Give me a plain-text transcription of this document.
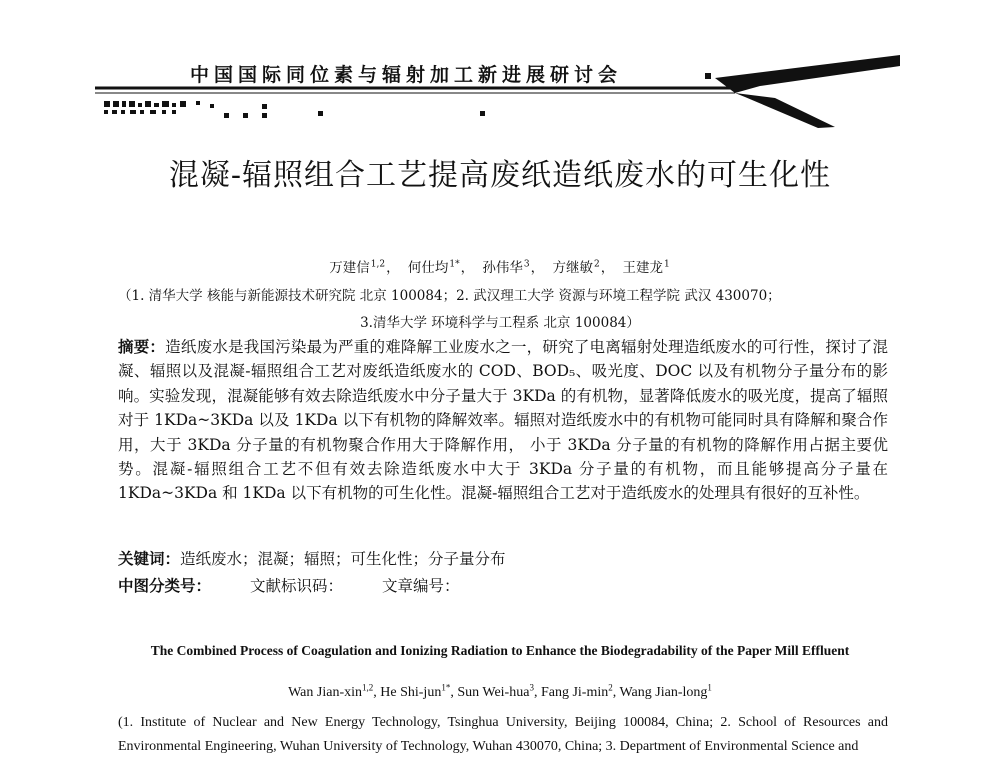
中国国际同位素与辐射加工新进展研讨会
混凝-辐照组合工艺提高废纸造纸废水的可生化性
万建信$^{1,2}$， 何仕均$^{1*}$， 孙伟华$^3$， 方继敏$^2$， 王建龙$^1$
（1. 清华大学 核能与新能源技术研究院 北京 100084；2. 武汉理工大学 资源与环境工程学院 武汉 430070；
3.清华大学 环境科学与工程系 北京 100084）
摘要：造纸废水是我国污染最为严重的难降解工业废水之一，研究了电离辐射处理造纸废水的可行性，探讨了混凝、辐照以及混凝-辐照组合工艺对废纸造纸废水的 COD、BOD₅、吸光度、DOC 以及有机物分子量分布的影响。实验发现，混凝能够有效去除造纸废水中分子量大于 3KDa 的有机物，显著降低废水的吸光度，提高了辐照对于 1KDa~3KDa 以及 1KDa 以下有机物的降解效率。辐照对造纸废水中的有机物可能同时具有降解和聚合作用，大于 3KDa 分子量的有机物聚合作用大于降解作用， 小于 3KDa 分子量的有机物的降解作用占据主要优势。混凝-辐照组合工艺不但有效去除造纸废水中大于 3KDa 分子量的有机物，而且能够提高分子量在 1KDa~3KDa 和 1KDa 以下有机物的可生化性。混凝-辐照组合工艺对于造纸废水的处理具有很好的互补性。
关键词：造纸废水；混凝；辐照；可生化性；分子量分布
中图分类号：	文献标识码：	文章编号：
The Combined Process of Coagulation and Ionizing Radiation to Enhance the Biodegradability of the Paper Mill Effluent
Wan Jian-xin$^{1,2}$, He Shi-jun$^{1*}$, Sun Wei-hua$^3$, Fang $Ji-\min^2$, Wang Jian-long$^1$
(1. Institute of Nuclear and New Energy Technology, Tsinghua University, Beijing 100084, China; 2. School of Resources and Environmental Engineering, Wuhan University of Technology, Wuhan 430070, China; 3. Department of Environmental Science and
